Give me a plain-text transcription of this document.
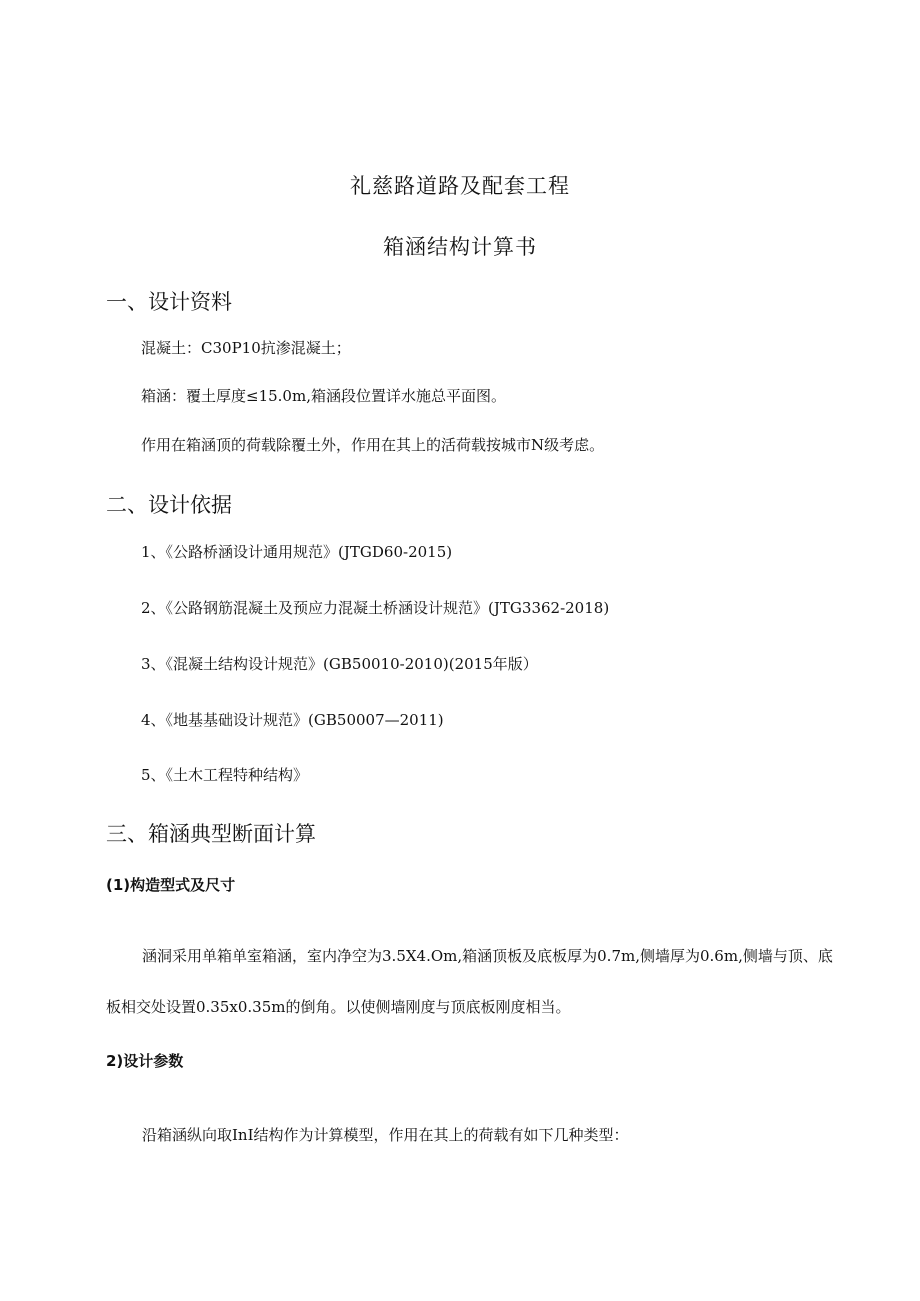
礼慈路道路及配套工程

箱涵结构计算书

一、设计资料

混凝土：C30P10抗渗混凝土；

箱涵：覆土厚度≤15.0m,箱涵段位置详水施总平面图。

作用在箱涵顶的荷载除覆土外，作用在其上的活荷载按城市N级考虑。

二、设计依据

1、《公路桥涵设计通用规范》(JTGD60-2015)

2、《公路钢筋混凝土及预应力混凝土桥涵设计规范》(JTG3362-2018)

3、《混凝土结构设计规范》(GB50010-2010)(2015年版）

4、《地基基础设计规范》(GB50007—2011)

5、《土木工程特种结构》

三、箱涵典型断面计算

(1)构造型式及尺寸

涵洞采用单箱单室箱涵，室内净空为3.5X4.Om,箱涵顶板及底板厚为0.7m,侧墙厚为0.6m,侧墙与顶、底板相交处设置0.35x0.35m的倒角。以使侧墙刚度与顶底板刚度相当。

2)设计参数

沿箱涵纵向取InI结构作为计算模型，作用在其上的荷载有如下几种类型：
